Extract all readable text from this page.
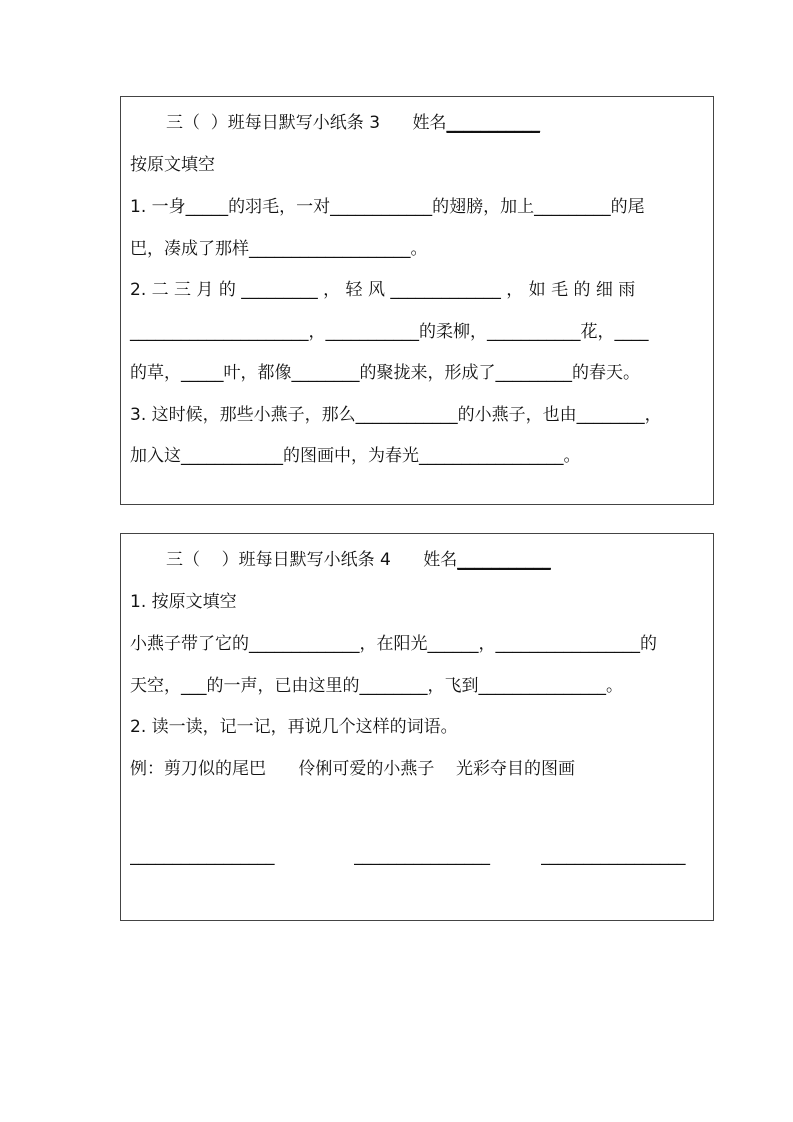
三（  ）班每日默写小纸条 3      姓名___________
按原文填空
1. 一身_____的羽毛，一对____________的翅膀，加上_________的尾
巴，凑成了那样___________________。
2. 二 三 月 的 _________ ， 轻 风 _____________ ， 如 毛 的 细 雨
_____________________，___________的柔柳，___________花，____
的草，_____叶，都像________的聚拢来，形成了_________的春天。
3. 这时候，那些小燕子，那么____________的小燕子，也由________，
加入这____________的图画中，为春光_________________。
三（    ）班每日默写小纸条 4      姓名___________
1. 按原文填空
小燕子带了它的_____________，在阳光______，_________________的
天空，___的一声，已由这里的________，飞到_______________。
2. 读一读，记一记，再说几个这样的词语。
例：剪刀似的尾巴      伶俐可爱的小燕子    光彩夺目的图画
_________________	________________	_________________
